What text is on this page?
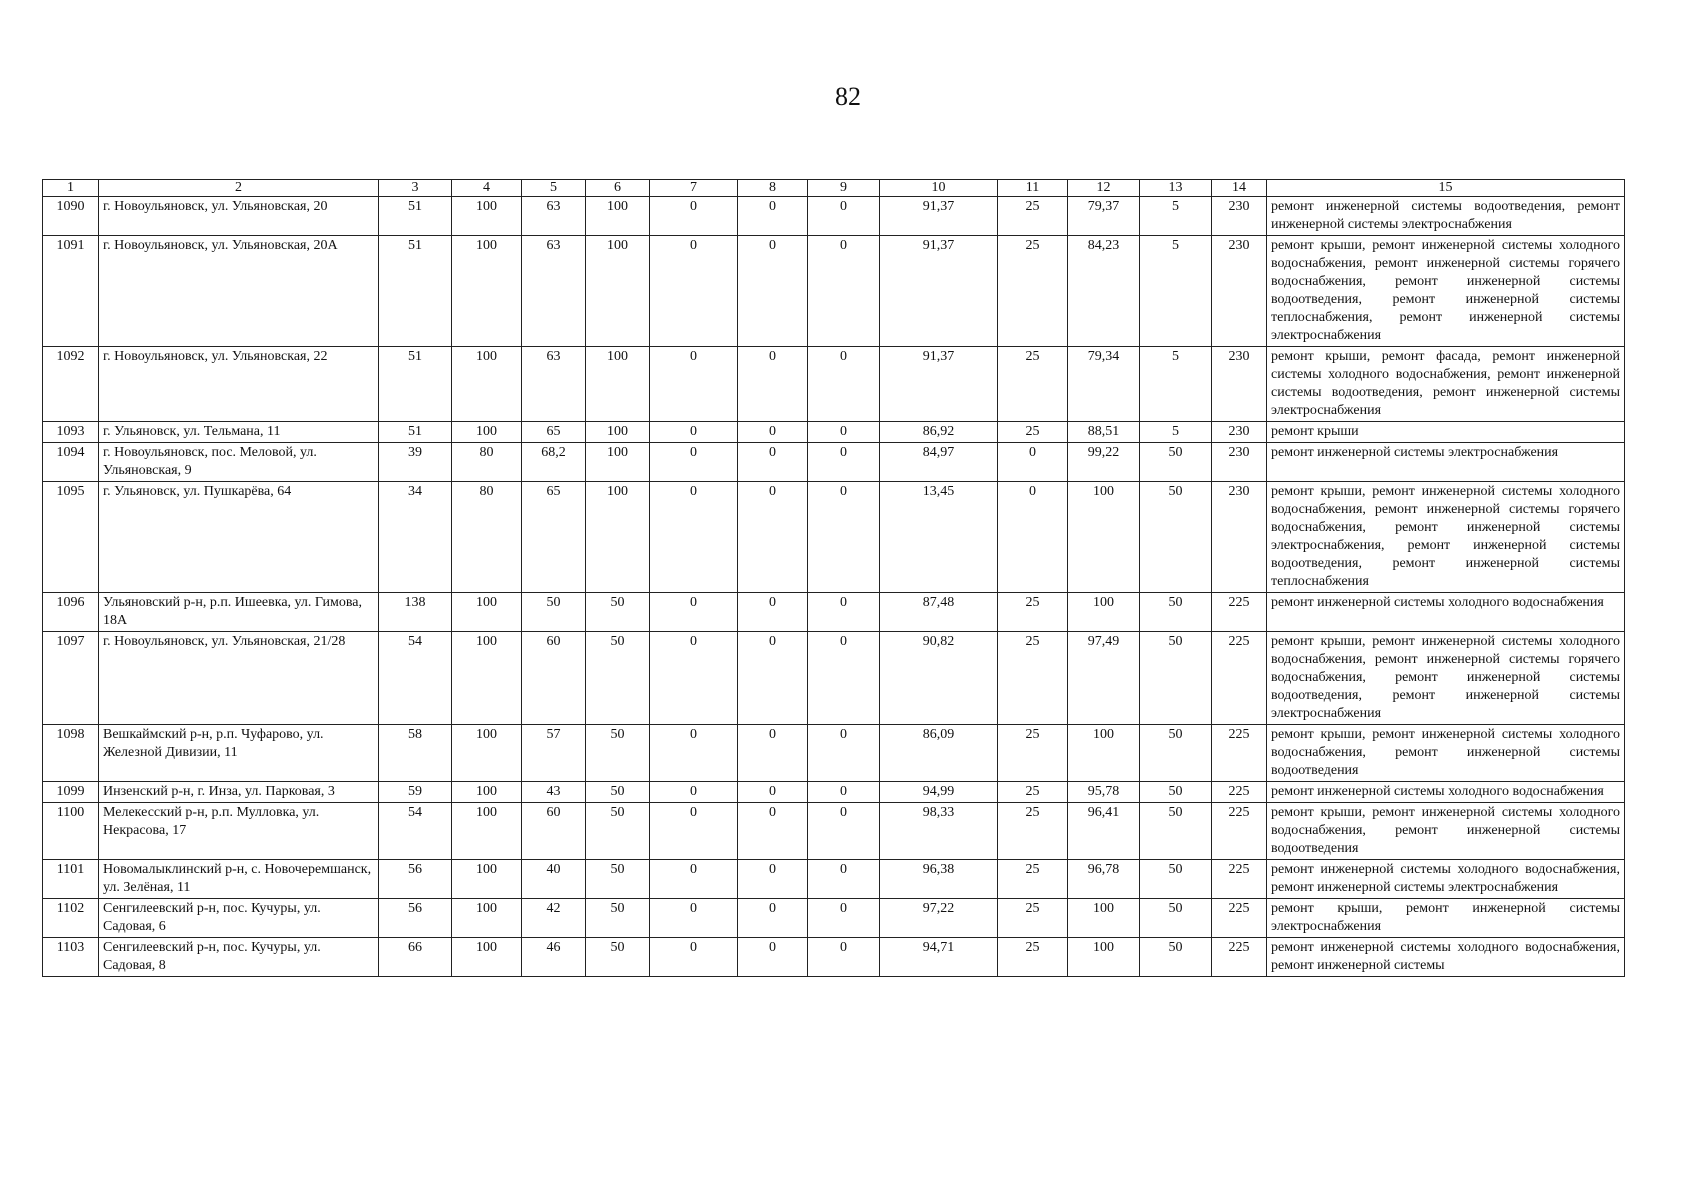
82
1	2	3	4	5	6	7	8	9	10	11	12	13	14	15
1090	г. Новоульяновск, ул. Ульяновская, 20	51	100	63	100	0	0	0	91,37	25	79,37	5	230	ремонт инженерной системы водоотведения, ремонт инженерной системы электроснабжения
1091	г. Новоульяновск, ул. Ульяновская, 20А	51	100	63	100	0	0	0	91,37	25	84,23	5	230	ремонт крыши, ремонт инженерной системы холодного водоснабжения, ремонт инженерной системы горячего водоснабжения, ремонт инженерной системы водоотведения, ремонт инженерной системы теплоснабжения, ремонт инженерной системы электроснабжения
1092	г. Новоульяновск, ул. Ульяновская, 22	51	100	63	100	0	0	0	91,37	25	79,34	5	230	ремонт крыши, ремонт фасада, ремонт инженерной системы холодного водоснабжения, ремонт инженерной системы водоотведения, ремонт инженерной системы электроснабжения
1093	г. Ульяновск, ул. Тельмана, 11	51	100	65	100	0	0	0	86,92	25	88,51	5	230	ремонт крыши
1094	г. Новоульяновск, пос. Меловой, ул. Ульяновская, 9	39	80	68,2	100	0	0	0	84,97	0	99,22	50	230	ремонт инженерной системы электроснабжения
1095	г. Ульяновск, ул. Пушкарёва, 64	34	80	65	100	0	0	0	13,45	0	100	50	230	ремонт крыши, ремонт инженерной системы холодного водоснабжения, ремонт инженерной системы горячего водоснабжения, ремонт инженерной системы электроснабжения, ремонт инженерной системы водоотведения, ремонт инженерной системы теплоснабжения
1096	Ульяновский р-н, р.п. Ишеевка, ул. Гимова, 18А	138	100	50	50	0	0	0	87,48	25	100	50	225	ремонт инженерной системы холодного водоснабжения
1097	г. Новоульяновск, ул. Ульяновская, 21/28	54	100	60	50	0	0	0	90,82	25	97,49	50	225	ремонт крыши, ремонт инженерной системы холодного водоснабжения, ремонт инженерной системы горячего водоснабжения, ремонт инженерной системы водоотведения, ремонт инженерной системы электроснабжения
1098	Вешкаймский р-н, р.п. Чуфарово, ул. Железной Дивизии, 11	58	100	57	50	0	0	0	86,09	25	100	50	225	ремонт крыши, ремонт инженерной системы холодного водоснабжения, ремонт инженерной системы водоотведения
1099	Инзенский р-н, г. Инза, ул. Парковая, 3	59	100	43	50	0	0	0	94,99	25	95,78	50	225	ремонт инженерной системы холодного водоснабжения
1100	Мелекесский р-н, р.п. Мулловка, ул. Некрасова, 17	54	100	60	50	0	0	0	98,33	25	96,41	50	225	ремонт крыши, ремонт инженерной системы холодного водоснабжения, ремонт инженерной системы водоотведения
1101	Новомалыклинский р-н, с. Новочеремшанск, ул. Зелёная, 11	56	100	40	50	0	0	0	96,38	25	96,78	50	225	ремонт инженерной системы холодного водоснабжения, ремонт инженерной системы электроснабжения
1102	Сенгилеевский р-н, пос. Кучуры, ул. Садовая, 6	56	100	42	50	0	0	0	97,22	25	100	50	225	ремонт крыши, ремонт инженерной системы электроснабжения
1103	Сенгилеевский р-н, пос. Кучуры, ул. Садовая, 8	66	100	46	50	0	0	0	94,71	25	100	50	225	ремонт инженерной системы холодного водоснабжения, ремонт инженерной системы
